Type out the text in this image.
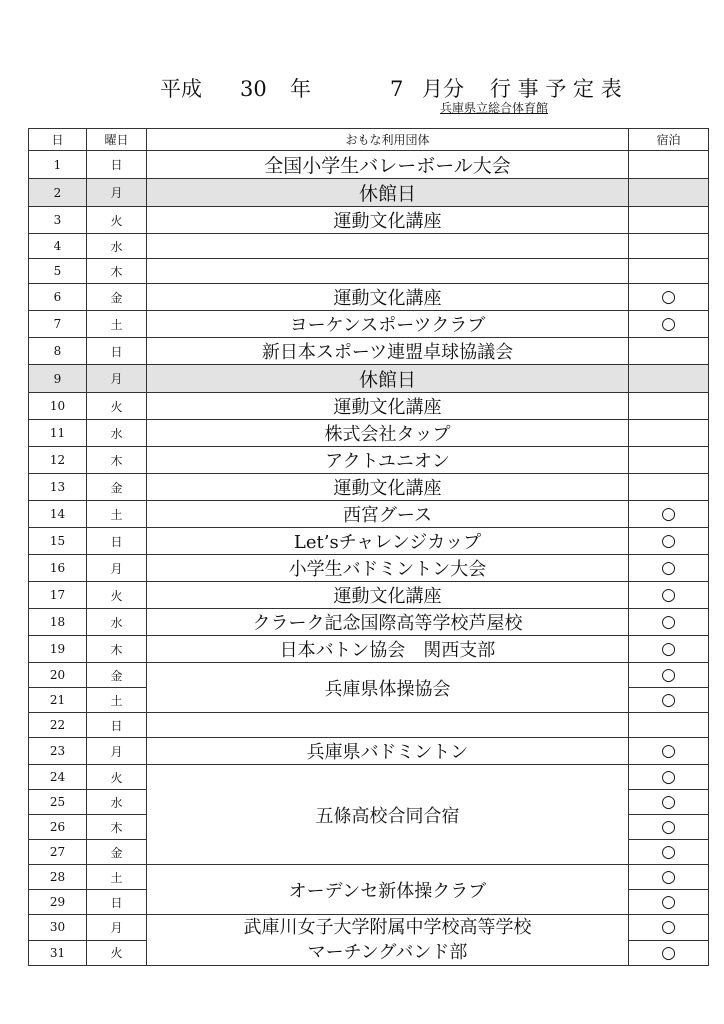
平成 30 年	7 月分 行 事 予 定 表
兵庫県立総合体育館
日	曜日	おもな利用団体	宿泊
1	日	全国小学生バレーボール大会	
2	月	休館日	
3	火	運動文化講座	
4	水		
5	木		
6	金	運動文化講座	○
7	土	ヨーケンスポーツクラブ	○
8	日	新日本スポーツ連盟卓球協議会	
9	月	休館日	
10	火	運動文化講座	
11	水	株式会社タップ	
12	木	アクトユニオン	
13	金	運動文化講座	
14	土	西宮グース	○
15	日	Let’sチャレンジカップ	○
16	月	小学生バドミントン大会	○
17	火	運動文化講座	○
18	水	クラーク記念国際高等学校芦屋校	○
19	木	日本バトン協会　関西支部	○
20	金	兵庫県体操協会	○
21	土		○
22	日		
23	月	兵庫県バドミントン	○
24	火	五條高校合同合宿	○
25	水		○
26	木		○
27	金		○
28	土	オーデンセ新体操クラブ	○
29	日		○
30	月	武庫川女子大学附属中学校高等学校
マーチングバンド部	○
31	火		○
